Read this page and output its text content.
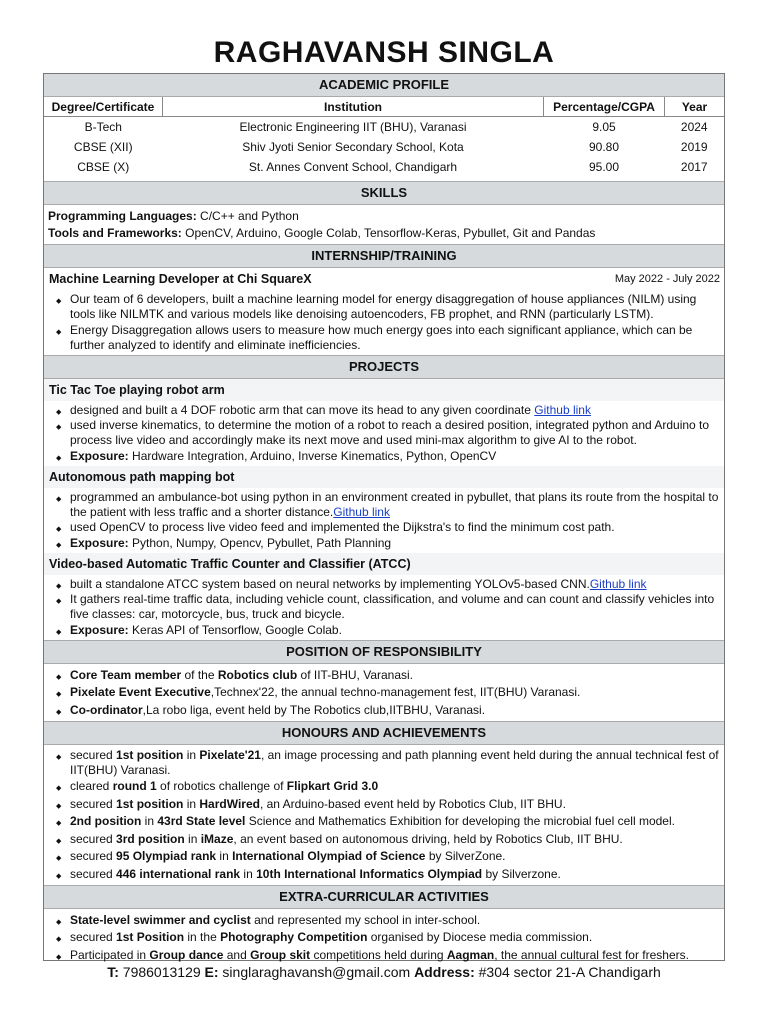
RAGHAVANSH SINGLA
ACADEMIC PROFILE
Degree/Certificate	Institution	Percentage/CGPA	Year
B-Tech	Electronic Engineering IIT (BHU), Varanasi	9.05	2024
CBSE (XII)	Shiv Jyoti Senior Secondary School, Kota	90.80	2019
CBSE (X)	St. Annes Convent School, Chandigarh	95.00	2017
SKILLS
Programming Languages: C/C++ and Python
Tools and Frameworks: OpenCV, Arduino, Google Colab, Tensorflow-Keras, Pybullet, Git and Pandas
INTERNSHIP/TRAINING
Machine Learning Developer at Chi SquareX	May 2022 - July 2022
◆ Our team of 6 developers, built a machine learning model for energy disaggregation of house appliances (NILM) using tools like NILMTK and various models like denoising autoencoders, FB prophet, and RNN (particularly LSTM).
◆ Energy Disaggregation allows users to measure how much energy goes into each significant appliance, which can be further analyzed to identify and eliminate inefficiencies.
PROJECTS
Tic Tac Toe playing robot arm
◆ designed and built a 4 DOF robotic arm that can move its head to any given coordinate Github link
◆ used inverse kinematics, to determine the motion of a robot to reach a desired position, integrated python and Arduino to process live video and accordingly make its next move and used mini-max algorithm to give AI to the robot.
◆ Exposure: Hardware Integration, Arduino, Inverse Kinematics, Python, OpenCV
Autonomous path mapping bot
◆ programmed an ambulance-bot using python in an environment created in pybullet, that plans its route from the hospital to the patient with less traffic and a shorter distance.Github link
◆ used OpenCV to process live video feed and implemented the Dijkstra's to find the minimum cost path.
◆ Exposure: Python, Numpy, Opencv, Pybullet, Path Planning
Video-based Automatic Traffic Counter and Classifier (ATCC)
◆ built a standalone ATCC system based on neural networks by implementing YOLOv5-based CNN.Github link
◆ It gathers real-time traffic data, including vehicle count, classification, and volume and can count and classify vehicles into five classes: car, motorcycle, bus, truck and bicycle.
◆ Exposure: Keras API of Tensorflow, Google Colab.
POSITION OF RESPONSIBILITY
◆ Core Team member of the Robotics club of IIT-BHU, Varanasi.
◆ Pixelate Event Executive,Technex'22, the annual techno-management fest, IIT(BHU) Varanasi.
◆ Co-ordinator,La robo liga, event held by The Robotics club,IITBHU, Varanasi.
HONOURS AND ACHIEVEMENTS
◆ secured 1st position in Pixelate'21, an image processing and path planning event held during the annual technical fest of IIT(BHU) Varanasi.
◆ cleared round 1 of robotics challenge of Flipkart Grid 3.0
◆ secured 1st position in HardWired, an Arduino-based event held by Robotics Club, IIT BHU.
◆ 2nd position in 43rd State level Science and Mathematics Exhibition for developing the microbial fuel cell model.
◆ secured 3rd position in iMaze, an event based on autonomous driving, held by Robotics Club, IIT BHU.
◆ secured 95 Olympiad rank in International Olympiad of Science by SilverZone.
◆ secured 446 international rank in 10th International Informatics Olympiad by Silverzone.
EXTRA-CURRICULAR ACTIVITIES
◆ State-level swimmer and cyclist and represented my school in inter-school.
◆ secured 1st Position in the Photography Competition organised by Diocese media commission.
◆ Participated in Group dance and Group skit competitions held during Aagman, the annual cultural fest for freshers.
T: 7986013129 E: singlaraghavansh@gmail.com Address: #304 sector 21-A Chandigarh
